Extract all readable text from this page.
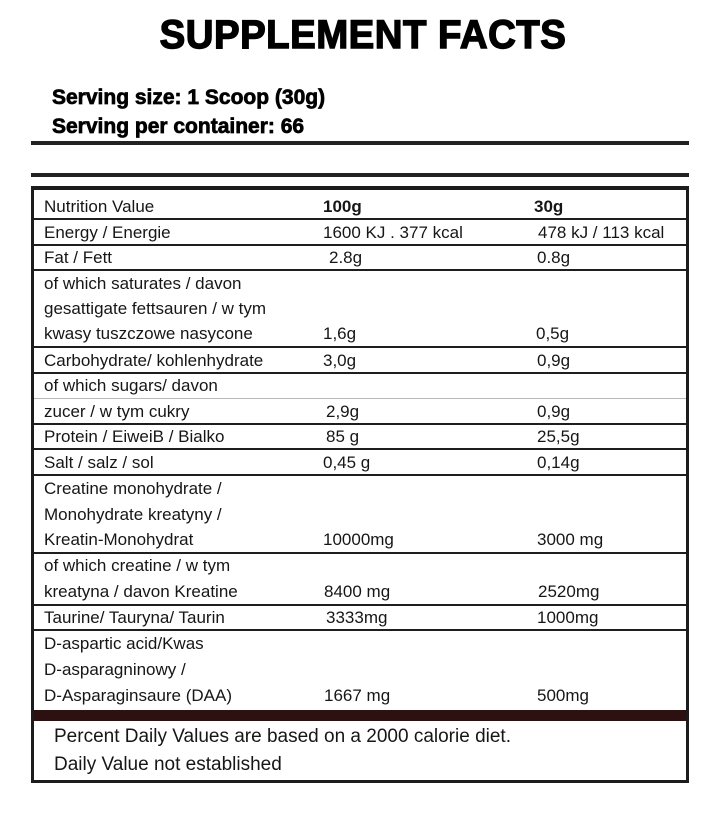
SUPPLEMENT FACTS
Serving size: 1 Scoop (30g)
Serving per container: 66
Nutrition Value	100g	30g
Energy / Energie	1600 KJ . 377 kcal	478 kJ / 113 kcal
Fat / Fett	2.8g	0.8g
of which saturates / davon
gesattigate fettsauren / w tym
kwasy tuszczowe nasycone	1,6g	0,5g
Carbohydrate/ kohlenhydrate	3,0g	0,9g
of which sugars/ davon
zucer / w tym cukry	2,9g	0,9g
Protein / EiweiB / Bialko	85 g	25,5g
Salt / salz / sol	0,45 g	0,14g
Creatine monohydrate /
Monohydrate kreatyny /
Kreatin-Monohydrat	10000mg	3000 mg
of which creatine / w tym
kreatyna / davon Kreatine	8400 mg	2520mg
Taurine/ Tauryna/ Taurin	3333mg	1000mg
D-aspartic acid/Kwas
D-asparagninowy /
D-Asparaginsaure (DAA)	1667 mg	500mg
Percent Daily Values are based on a 2000 calorie diet.
Daily Value not established
